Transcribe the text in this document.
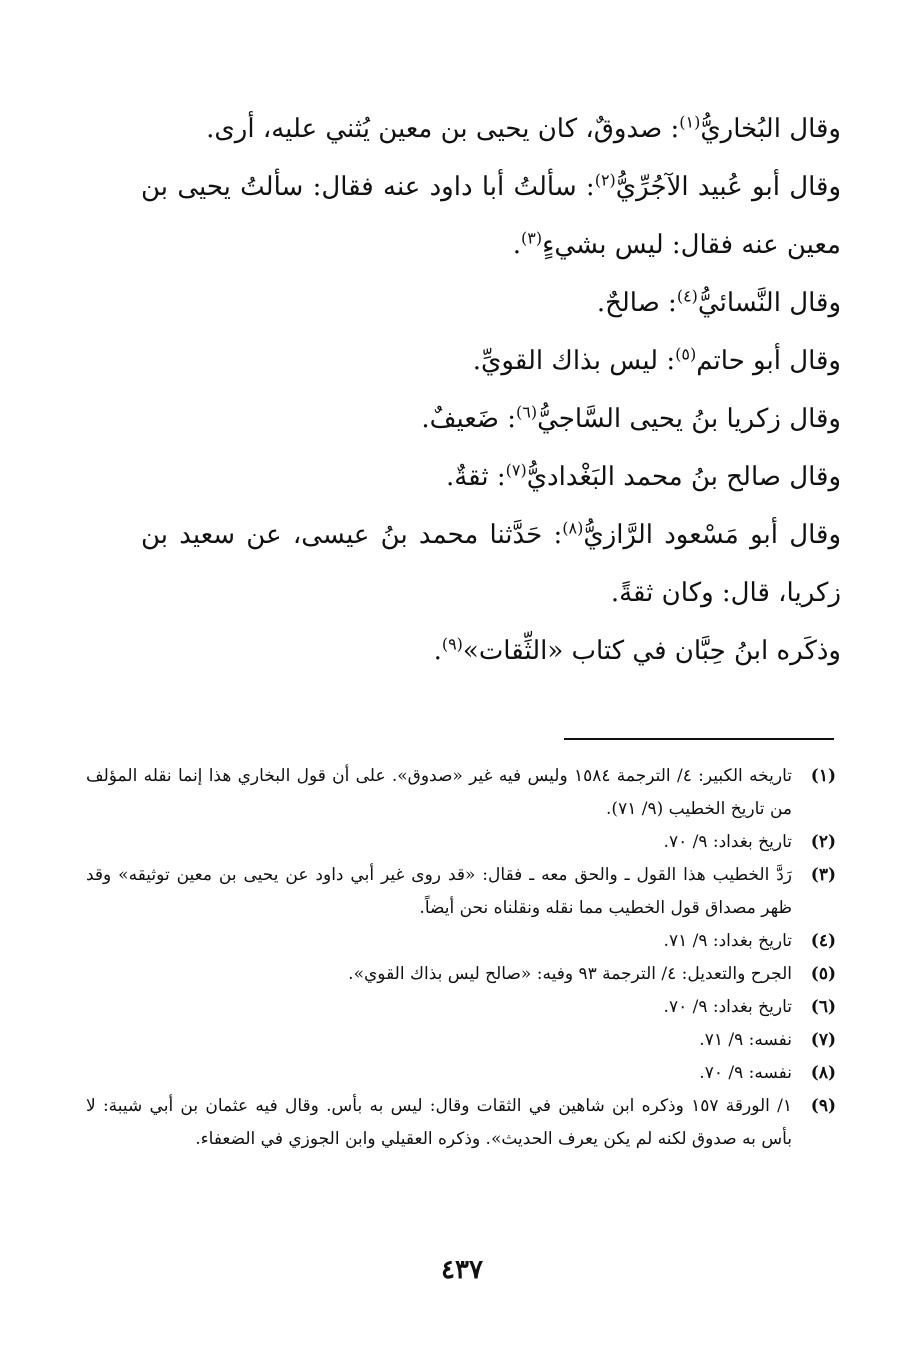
وقال البُخاريُّ$^{(١)}$: صدوقٌ، كان يحيى بن معين يُثني عليه، أرى.

وقال أبو عُبيد الآجُرِّيُّ$^{(٢)}$: سألتُ أبا داود عنه فقال: سألتُ يحيى بن معين عنه فقال: ليس بشيءٍ$^{(٣)}$.

وقال النَّسائيُّ$^{(٤)}$: صالحٌ.

وقال أبو حاتم$^{(٥)}$: ليس بذاك القويِّ.

وقال زكريا بنُ يحيى السَّاجيُّ$^{(٦)}$: ضَعيفٌ.

وقال صالح بنُ محمد البَغْداديُّ$^{(٧)}$: ثقةٌ.

وقال أبو مَسْعود الرَّازيُّ$^{(٨)}$: حَدَّثنا محمد بنُ عيسى، عن سعيد بن زكريا، قال: وكان ثقةً.

وذكَره ابنُ حِبَّان في كتاب «الثِّقات»$^{(٩)}$.

(١)
تاريخه الكبير: ٤/ الترجمة ١٥٨٤ وليس فيه غير «صدوق». على أن قول البخاري هذا إنما نقله المؤلف من تاريخ الخطيب (٩/ ٧١).
(٢)
تاريخ بغداد: ٩/ ٧٠.
(٣)
رَدَّ الخطيب هذا القول ـ والحق معه ـ فقال: «قد روى غير أبي داود عن يحيى بن معين توثيقه» وقد ظهر مصداق قول الخطيب مما نقله ونقلناه نحن أيضاً.
(٤)
تاريخ بغداد: ٩/ ٧١.
(٥)
الجرح والتعديل: ٤/ الترجمة ٩٣ وفيه: «صالح ليس بذاك القوي».
(٦)
تاريخ بغداد: ٩/ ٧٠.
(٧)
نفسه: ٩/ ٧١.
(٨)
نفسه: ٩/ ٧٠.
(٩)
١/ الورقة ١٥٧ وذكره ابن شاهين في الثقات وقال: ليس به بأس. وقال فيه عثمان بن أبي شيبة: لا بأس به صدوق لكنه لم يكن يعرف الحديث». وذكره العقيلي وابن الجوزي في الضعفاء.
٤٣٧
